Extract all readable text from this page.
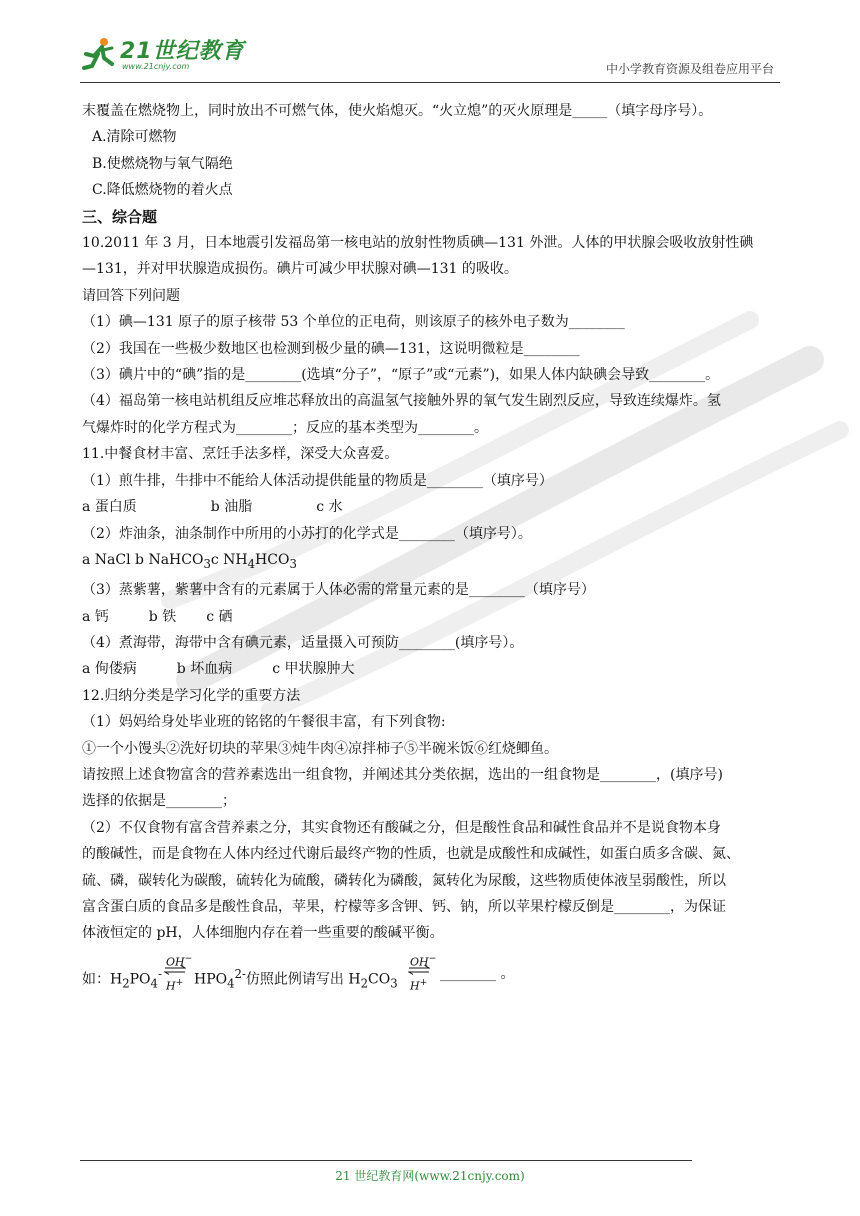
21世纪教育
www.21cnjy.com	中小学教育资源及组卷应用平台
末覆盖在燃烧物上，同时放出不可燃气体，使火焰熄灭。“火立熄”的灭火原理是_____（填字母序号）。
A.清除可燃物
B.使燃烧物与氧气隔绝
C.降低燃烧物的着火点
三、综合题
10.2011 年 3 月，日本地震引发福岛第一核电站的放射性物质碘—131 外泄。人体的甲状腺会吸收放射性碘
—131，并对甲状腺造成损伤。碘片可减少甲状腺对碘—131 的吸收。
请回答下列问题
（1）碘—131 原子的原子核带 53 个单位的正电荷，则该原子的核外电子数为________
（2）我国在一些极少数地区也检测到极少量的碘—131，这说明微粒是________
（3）碘片中的“碘”指的是________(选填“分子”，“原子”或“元素”)，如果人体内缺碘会导致________。
（4）福岛第一核电站机组反应堆芯释放出的高温氢气接触外界的氧气发生剧烈反应，导致连续爆炸。氢
气爆炸时的化学方程式为________；反应的基本类型为________。
11.中餐食材丰富、烹饪手法多样，深受大众喜爱。
（1）煎牛排，牛排中不能给人体活动提供能量的物质是________（填序号）
a 蛋白质	b 油脂	c 水
（2）炸油条，油条制作中所用的小苏打的化学式是________（填序号）。
a NaCl b NaHCO$_3$c $NH_4HCO_3$
（3）蒸紫薯，紫薯中含有的元素属于人体必需的常量元素的是________（填序号）
a 钙	b 铁 c 硒
（4）煮海带，海带中含有碘元素，适量摄入可预防________(填序号）。
a 佝偻病	b 坏血病	c 甲状腺肿大
12.归纳分类是学习化学的重要方法
（1）妈妈给身处毕业班的铭铭的午餐很丰富，有下列食物:
①一个小馒头②洗好切块的苹果③炖牛肉④凉拌柿子⑤半碗米饭⑥红烧鲫鱼。
请按照上述食物富含的营养素选出一组食物，并阐述其分类依据，选出的一组食物是________，(填序号)
选择的依据是________；
（2）不仅食物有富含营养素之分，其实食物还有酸碱之分，但是酸性食品和碱性食品并不是说食物本身
的酸碱性，而是食物在人体内经过代谢后最终产物的性质，也就是成酸性和成碱性，如蛋白质多含碳、氮、
硫、磷，碳转化为碳酸，硫转化为硫酸，磷转化为磷酸，氮转化为尿酸，这些物质使体液呈弱酸性，所以
富含蛋白质的食品多是酸性食品，苹果，柠檬等多含钾、钙、钠，所以苹果柠檬反倒是________，为保证
体液恒定的 pH，人体细胞内存在着一些重要的酸碱平衡。
如：$H_2PO_4^-$
OH−
H+ $HPO_4^{2-}$仿照此例请写出 $H_2CO_3$
OH−
H+
________ 。
21 世纪教育网(www.21cnjy.com)
